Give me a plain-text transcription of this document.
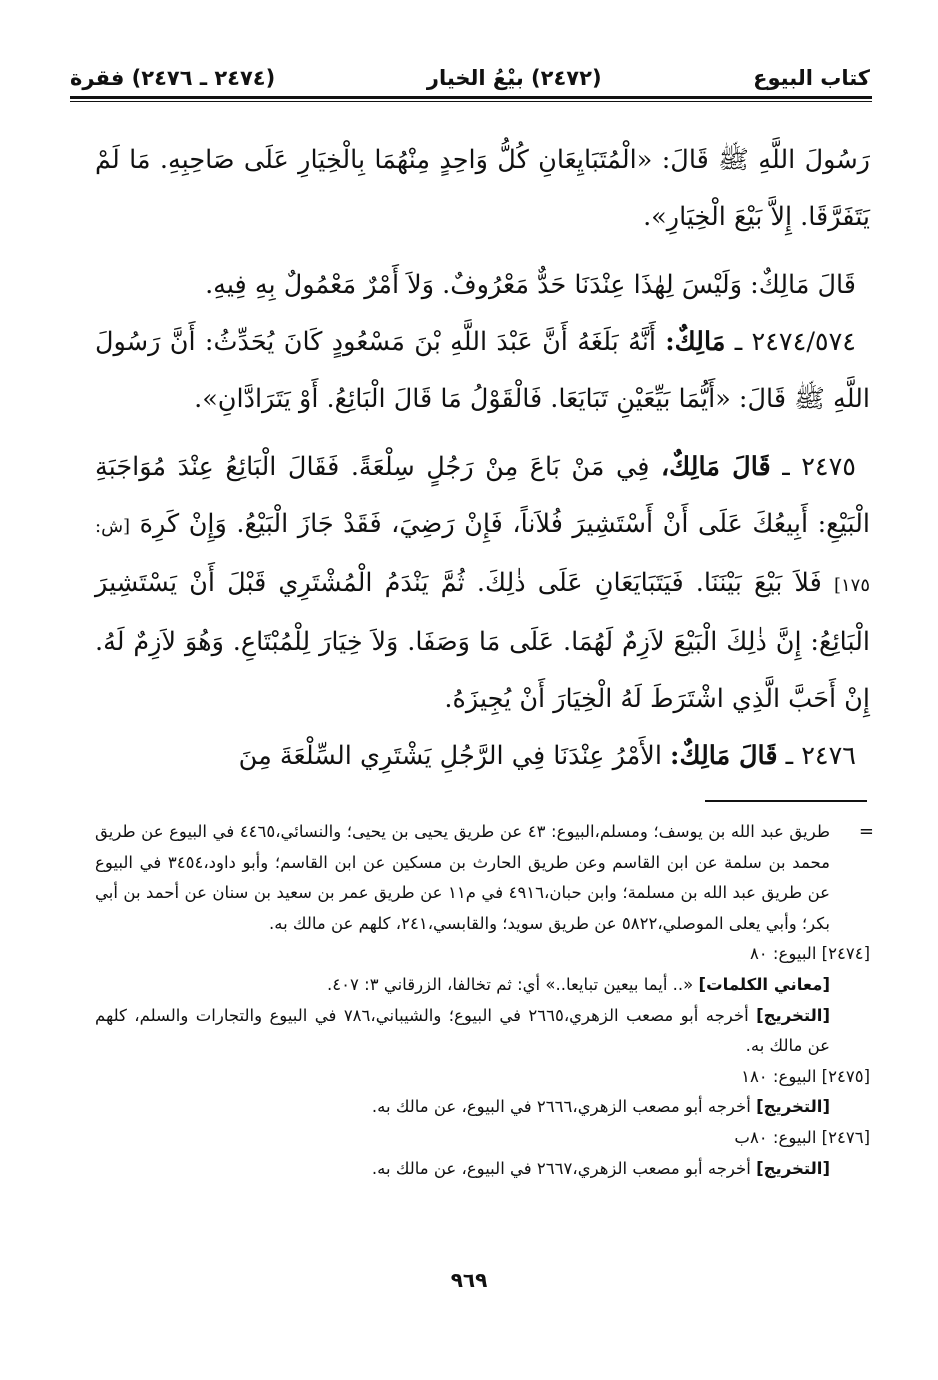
كتاب البيوع
(٢٤٧٢) بيْعُ الخيار
(٢٤٧٤ ـ ٢٤٧٦) فقرة

رَسُولَ اللَّهِ ﷺ قَالَ: «الْمُتَبَايِعَانِ كُلُّ وَاحِدٍ مِنْهُمَا بِالْخِيَارِ عَلَى صَاحِبِهِ. مَا لَمْ يَتَفَرَّقَا. إِلاَّ بَيْعَ الْخِيَارِ».

قَالَ مَالِكٌ: وَلَيْسَ لِهٰذَا عِنْدَنَا حَدٌّ مَعْرُوفٌ. وَلاَ أَمْرٌ مَعْمُولٌ بِهِ فِيهِ.

٢٤٧٤/٥٧٤ ـ مَالِكٌ: أَنَّهُ بَلَغَهُ أَنَّ عَبْدَ اللَّهِ بْنَ مَسْعُودٍ كَانَ يُحَدِّثُ: أَنَّ رَسُولَ اللَّهِ ﷺ قَالَ: «أَيُّمَا بَيِّعَيْنِ تَبَايَعَا. فَالْقَوْلُ مَا قَالَ الْبَائِعُ. أَوْ يَتَرَادَّانِ».

٢٤٧٥ ـ قَالَ مَالِكٌ، فِي مَنْ بَاعَ مِنْ رَجُلٍ سِلْعَةً. فَقَالَ الْبَائِعُ عِنْدَ مُوَاجَبَةِ الْبَيْعِ: أَبِيعُكَ عَلَى أَنْ أَسْتَشِيرَ فُلاَناً، فَإِنْ رَضِيَ، فَقَدْ جَازَ الْبَيْعُ. وَإِنْ كَرِهَ [ش: ١٧٥] فَلاَ بَيْعَ بَيْنَنَا. فَيَتَبَايَعَانِ عَلَى ذٰلِكَ. ثُمَّ يَنْدَمُ الْمُشْتَرِي قَبْلَ أَنْ يَسْتَشِيرَ الْبَائِعُ: إِنَّ ذٰلِكَ الْبَيْعَ لاَزِمٌ لَهُمَا. عَلَى مَا وَصَفَا. وَلاَ خِيَارَ لِلْمُبْتَاعِ. وَهُوَ لاَزِمٌ لَهُ. إِنْ أَحَبَّ الَّذِي اشْتَرَطَ لَهُ الْخِيَارَ أَنْ يُجِيزَهُ.

٢٤٧٦ ـ قَالَ مَالِكٌ: الأَمْرُ عِنْدَنَا فِي الرَّجُلِ يَشْتَرِي السِّلْعَةَ مِنَ

=
طريق عبد الله بن يوسف؛ ومسلم،البيوع: ٤٣ عن طريق يحيى بن يحيى؛ والنسائي،٤٤٦٥ في البيوع عن طريق محمد بن سلمة عن ابن القاسم وعن طريق الحارث بن مسكين عن ابن القاسم؛ وأبو داود،٣٤٥٤ في البيوع عن طريق عبد الله بن مسلمة؛ وابن حبان،٤٩١٦ في م١١ عن طريق عمر بن سعيد بن سنان عن أحمد بن أبي بكر؛ وأبي يعلى الموصلي،٥٨٢٢ عن طريق سويد؛ والقابسي،٢٤١، كلهم عن مالك به.

[٢٤٧٤] البيوع: ٨٠

[معاني الكلمات] «.. أيما بيعين تبايعا..» أي: ثم تخالفا، الزرقاني ٣: ٤٠٧.

[التخريج] أخرجه أبو مصعب الزهري،٢٦٦٥ في البيوع؛ والشيباني،٧٨٦ في البيوع والتجارات والسلم، كلهم عن مالك به.

[٢٤٧٥] البيوع: ١٨٠

[التخريج] أخرجه أبو مصعب الزهري،٢٦٦٦ في البيوع، عن مالك به.

[٢٤٧٦] البيوع: ٨٠ب

[التخريج] أخرجه أبو مصعب الزهري،٢٦٦٧ في البيوع، عن مالك به.

٩٦٩
